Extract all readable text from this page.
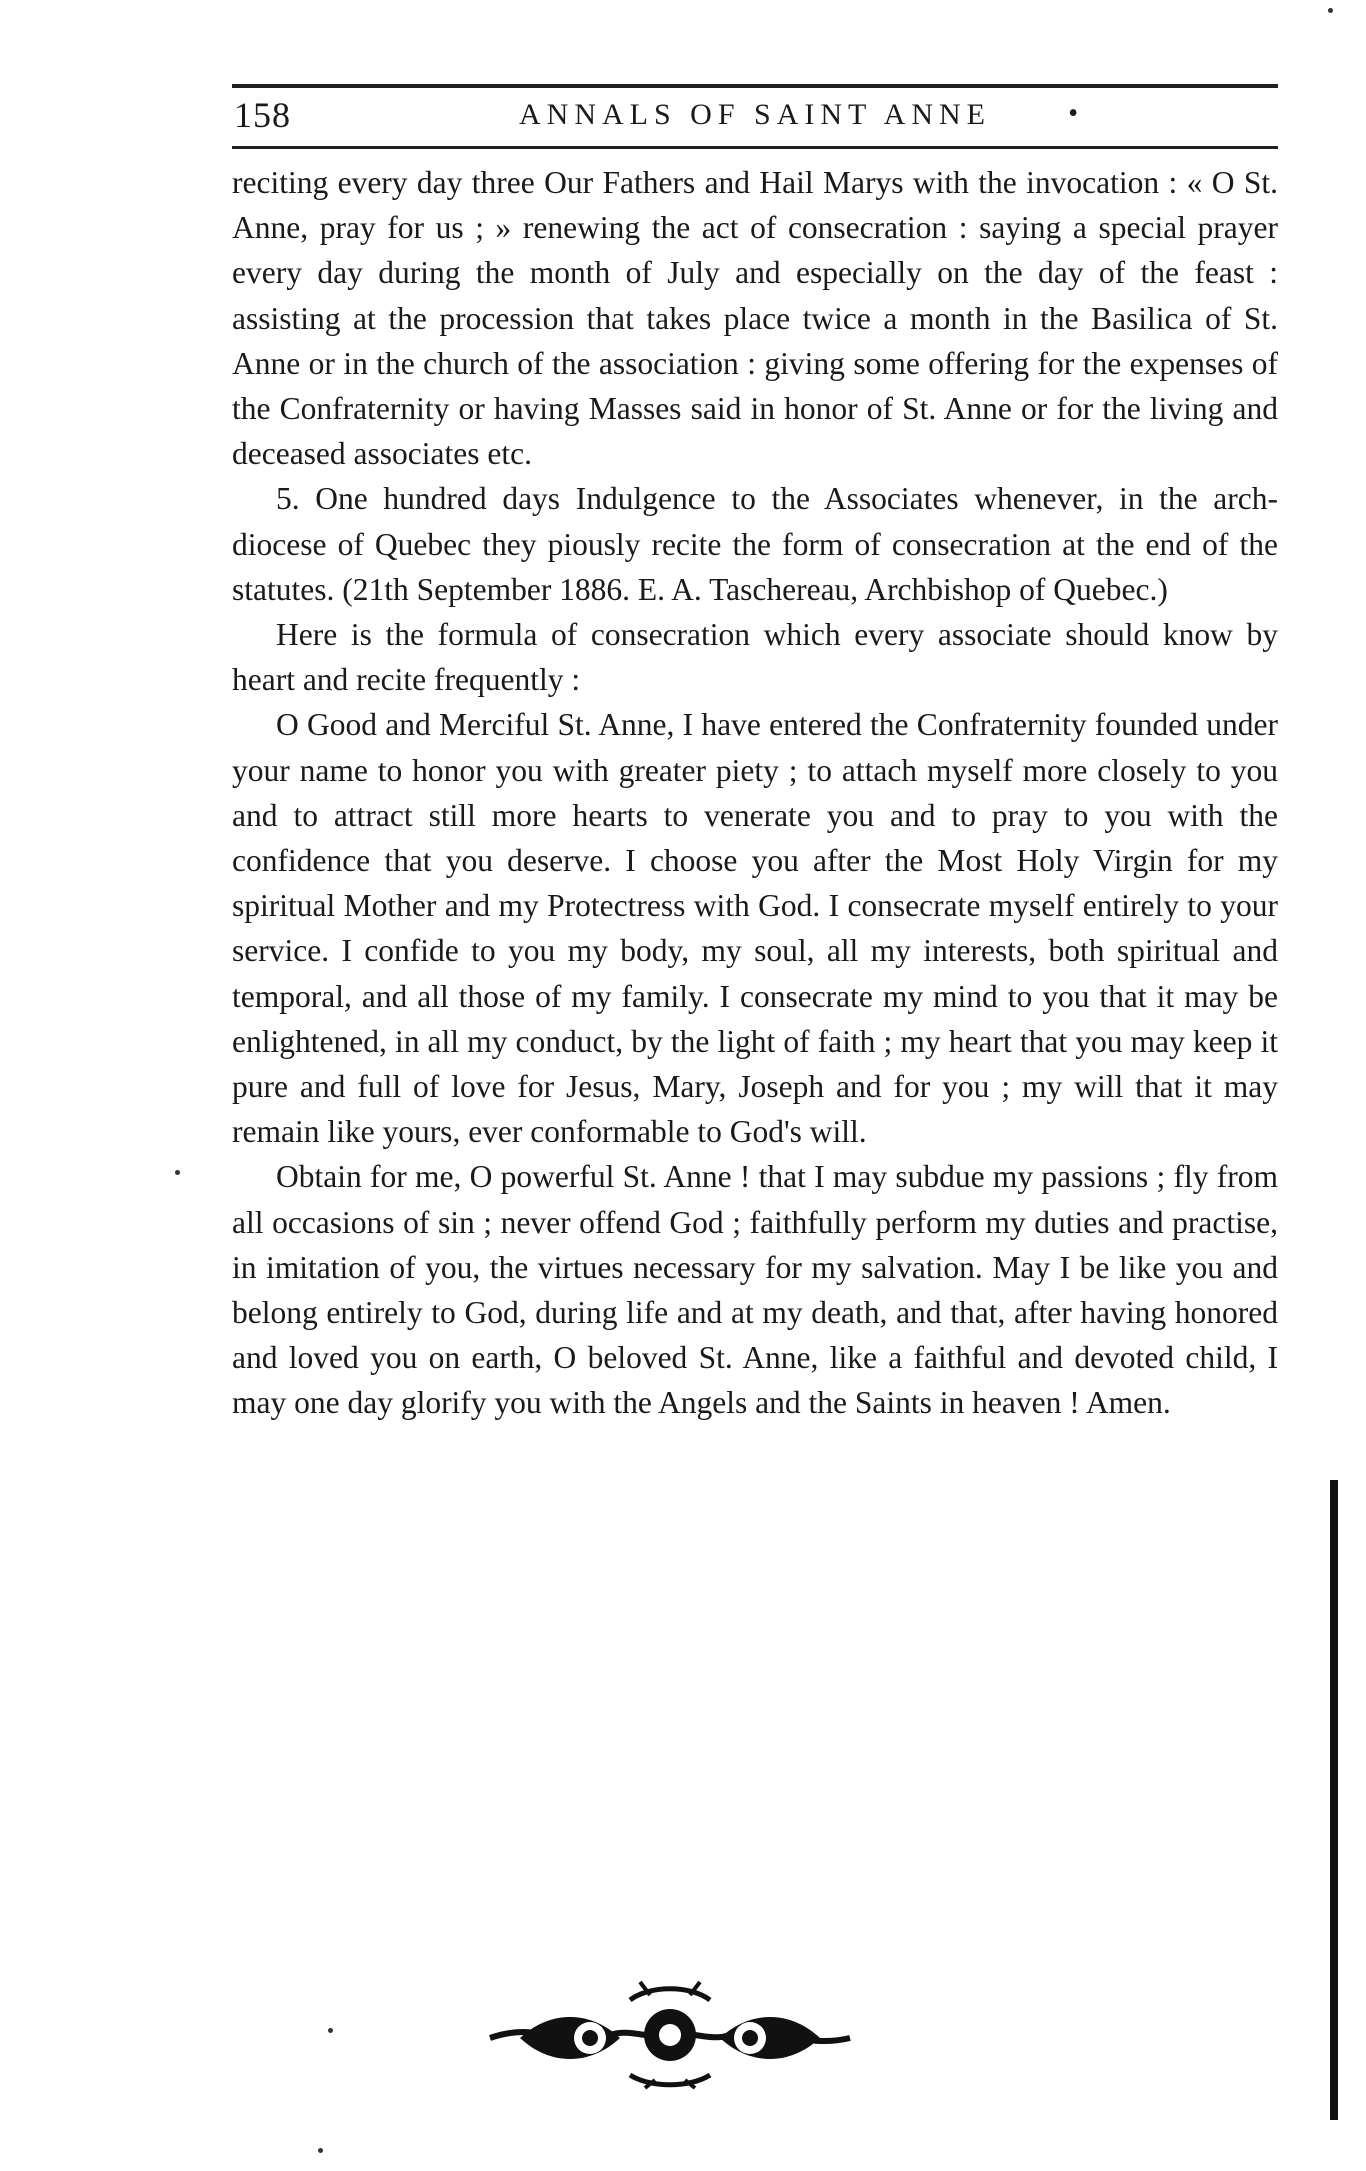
158	ANNALS OF SAINT ANNE	•

reciting every day three Our Fathers and Hail Marys with the invocation : « O St. Anne, pray for us ; » renewing the act of consecration : saying a special prayer every day during the month of July and especially on the day of the feast : assisting at the procession that takes place twice a month in the Basilica of St. Anne or in the church of the association : giving some offering for the expenses of the Confraternity or having Masses said in honor of St. Anne or for the living and deceased associates etc.

5. One hundred days Indulgence to the Associates whenever, in the arch-diocese of Quebec they piously recite the form of consecration at the end of the statutes. (21th September 1886. E. A. Taschereau, Archbishop of Quebec.)

Here is the formula of consecration which every associate should know by heart and recite frequently :

O Good and Merciful St. Anne, I have entered the Confraternity founded under your name to honor you with greater piety ; to attach myself more closely to you and to attract still more hearts to venerate you and to pray to you with the confidence that you deserve. I choose you after the Most Holy Virgin for my spiritual Mother and my Protectress with God. I consecrate myself entirely to your service. I confide to you my body, my soul, all my interests, both spiritual and temporal, and all those of my family. I consecrate my mind to you that it may be enlightened, in all my conduct, by the light of faith ; my heart that you may keep it pure and full of love for Jesus, Mary, Joseph and for you ; my will that it may remain like yours, ever conformable to God's will.

Obtain for me, O powerful St. Anne ! that I may subdue my passions ; fly from all occasions of sin ; never offend God ; faithfully perform my duties and practise, in imitation of you, the virtues necessary for my salvation. May I be like you and belong entirely to God, during life and at my death, and that, after having honored and loved you on earth, O beloved St. Anne, like a faithful and devoted child, I may one day glorify you with the Angels and the Saints in heaven ! Amen.
